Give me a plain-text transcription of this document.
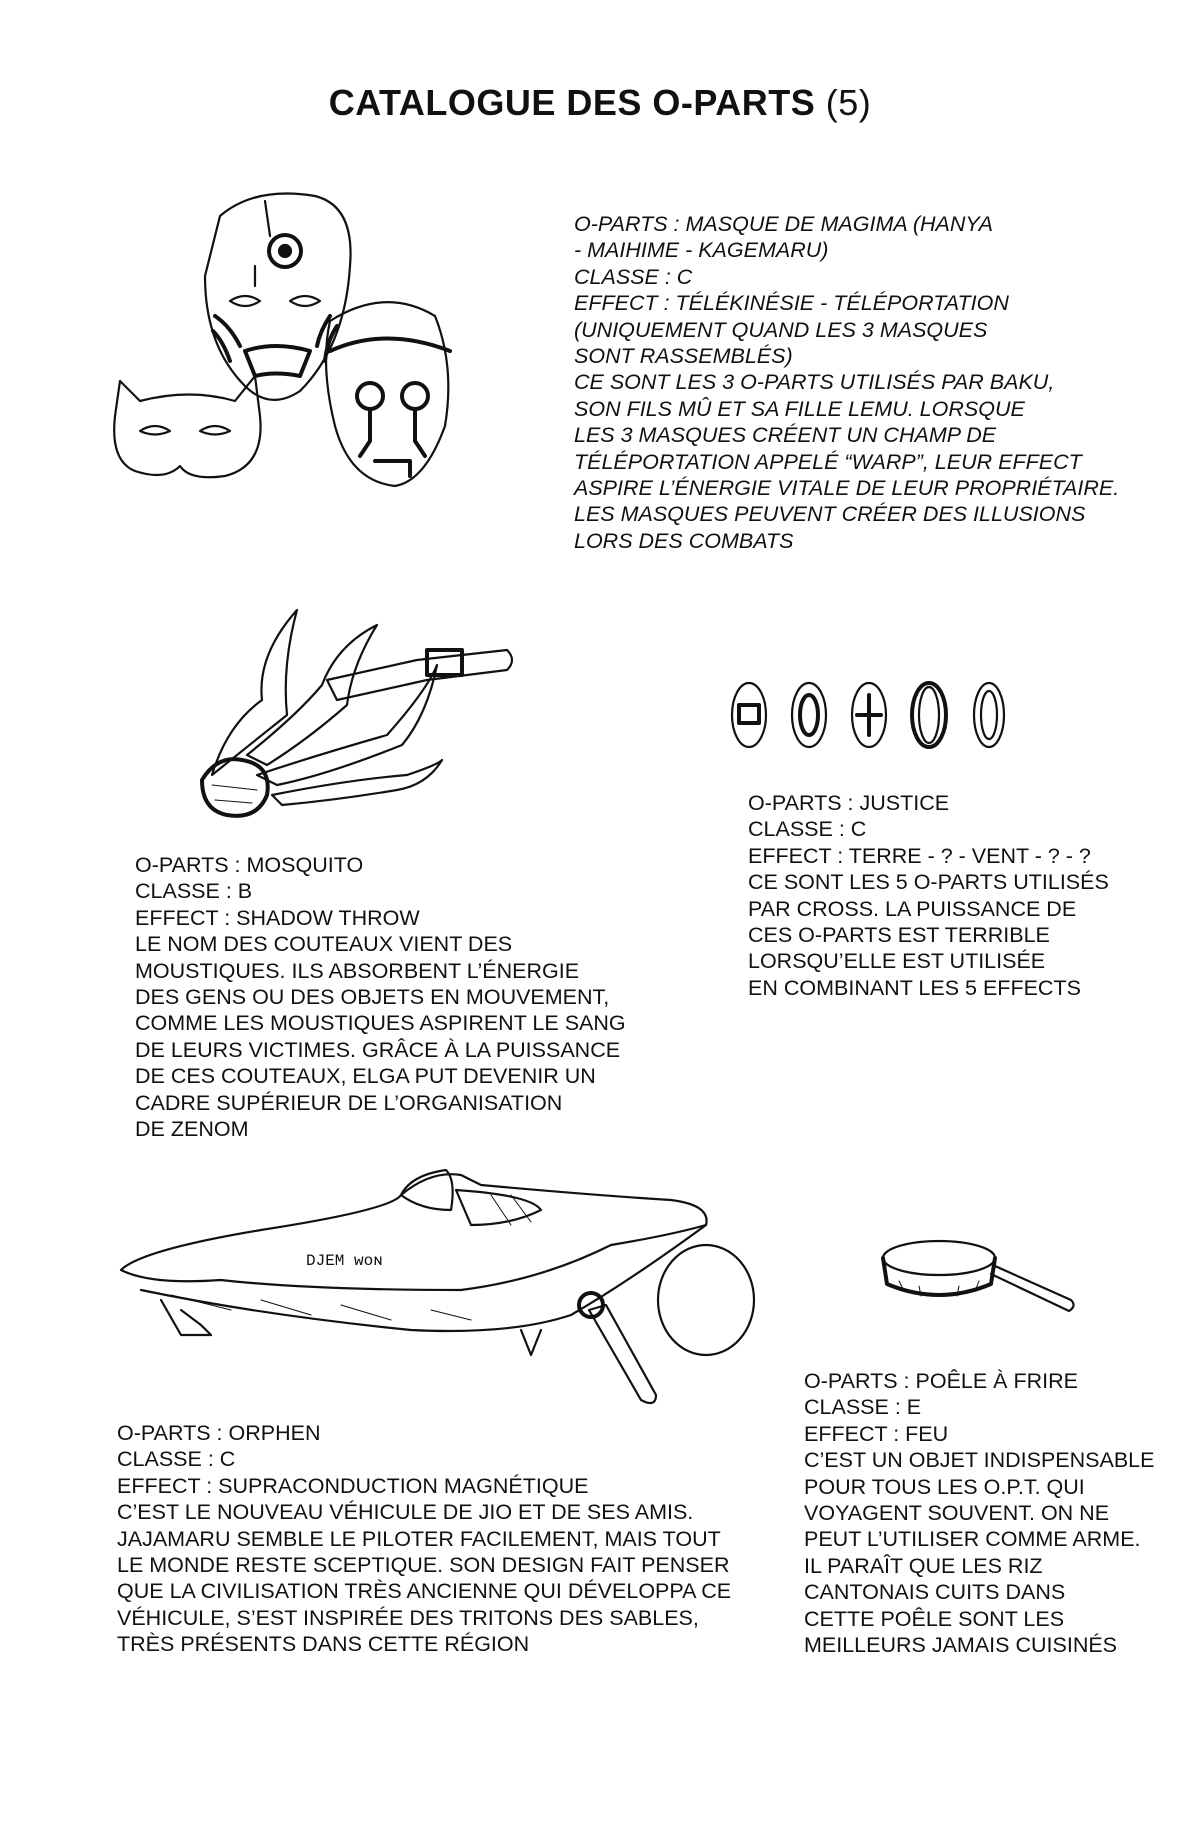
CATALOGUE DES O-PARTS (5)
O-PARTS : MASQUE DE MAGIMA (HANYA
- MAIHIME - KAGEMARU)
CLASSE : C
EFFECT : TÉLÉKINÉSIE - TÉLÉPORTATION
(UNIQUEMENT QUAND LES 3 MASQUES
SONT RASSEMBLÉS)
CE SONT LES 3 O-PARTS UTILISÉS PAR BAKU,
SON FILS MÛ ET SA FILLE LEMU. LORSQUE
LES 3 MASQUES CRÉENT UN CHAMP DE
TÉLÉPORTATION APPELÉ “WARP”, LEUR EFFECT
ASPIRE L’ÉNERGIE VITALE DE LEUR PROPRIÉTAIRE.
LES MASQUES PEUVENT CRÉER DES ILLUSIONS
LORS DES COMBATS
O-PARTS : JUSTICE
CLASSE : C
EFFECT : TERRE - ? - VENT - ? - ?
CE SONT LES 5 O-PARTS UTILISÉS
PAR CROSS. LA PUISSANCE DE
CES O-PARTS EST TERRIBLE
LORSQU’ELLE EST UTILISÉE
EN COMBINANT LES 5 EFFECTS
O-PARTS : MOSQUITO
CLASSE : B
EFFECT : SHADOW THROW
LE NOM DES COUTEAUX VIENT DES
MOUSTIQUES. ILS ABSORBENT L’ÉNERGIE
DES GENS OU DES OBJETS EN MOUVEMENT,
COMME LES MOUSTIQUES ASPIRENT LE SANG
DE LEURS VICTIMES. GRÂCE À LA PUISSANCE
DE CES COUTEAUX, ELGA PUT DEVENIR UN
CADRE SUPÉRIEUR DE L’ORGANISATION
DE ZENOM
DJEM ᴡᴏɴ
O-PARTS : ORPHEN
CLASSE : C
EFFECT : SUPRACONDUCTION MAGNÉTIQUE
C’EST LE NOUVEAU VÉHICULE DE JIO ET DE SES AMIS.
JAJAMARU SEMBLE LE PILOTER FACILEMENT, MAIS TOUT
LE MONDE RESTE SCEPTIQUE. SON DESIGN FAIT PENSER
QUE LA CIVILISATION TRÈS ANCIENNE QUI DÉVELOPPA CE
VÉHICULE, S’EST INSPIRÉE DES TRITONS DES SABLES,
TRÈS PRÉSENTS DANS CETTE RÉGION
O-PARTS : POÊLE À FRIRE
CLASSE : E
EFFECT : FEU
C’EST UN OBJET INDISPENSABLE
POUR TOUS LES O.P.T. QUI
VOYAGENT SOUVENT. ON NE
PEUT L’UTILISER COMME ARME.
IL PARAÎT QUE LES RIZ
CANTONAIS CUITS DANS
CETTE POÊLE SONT LES
MEILLEURS JAMAIS CUISINÉS
